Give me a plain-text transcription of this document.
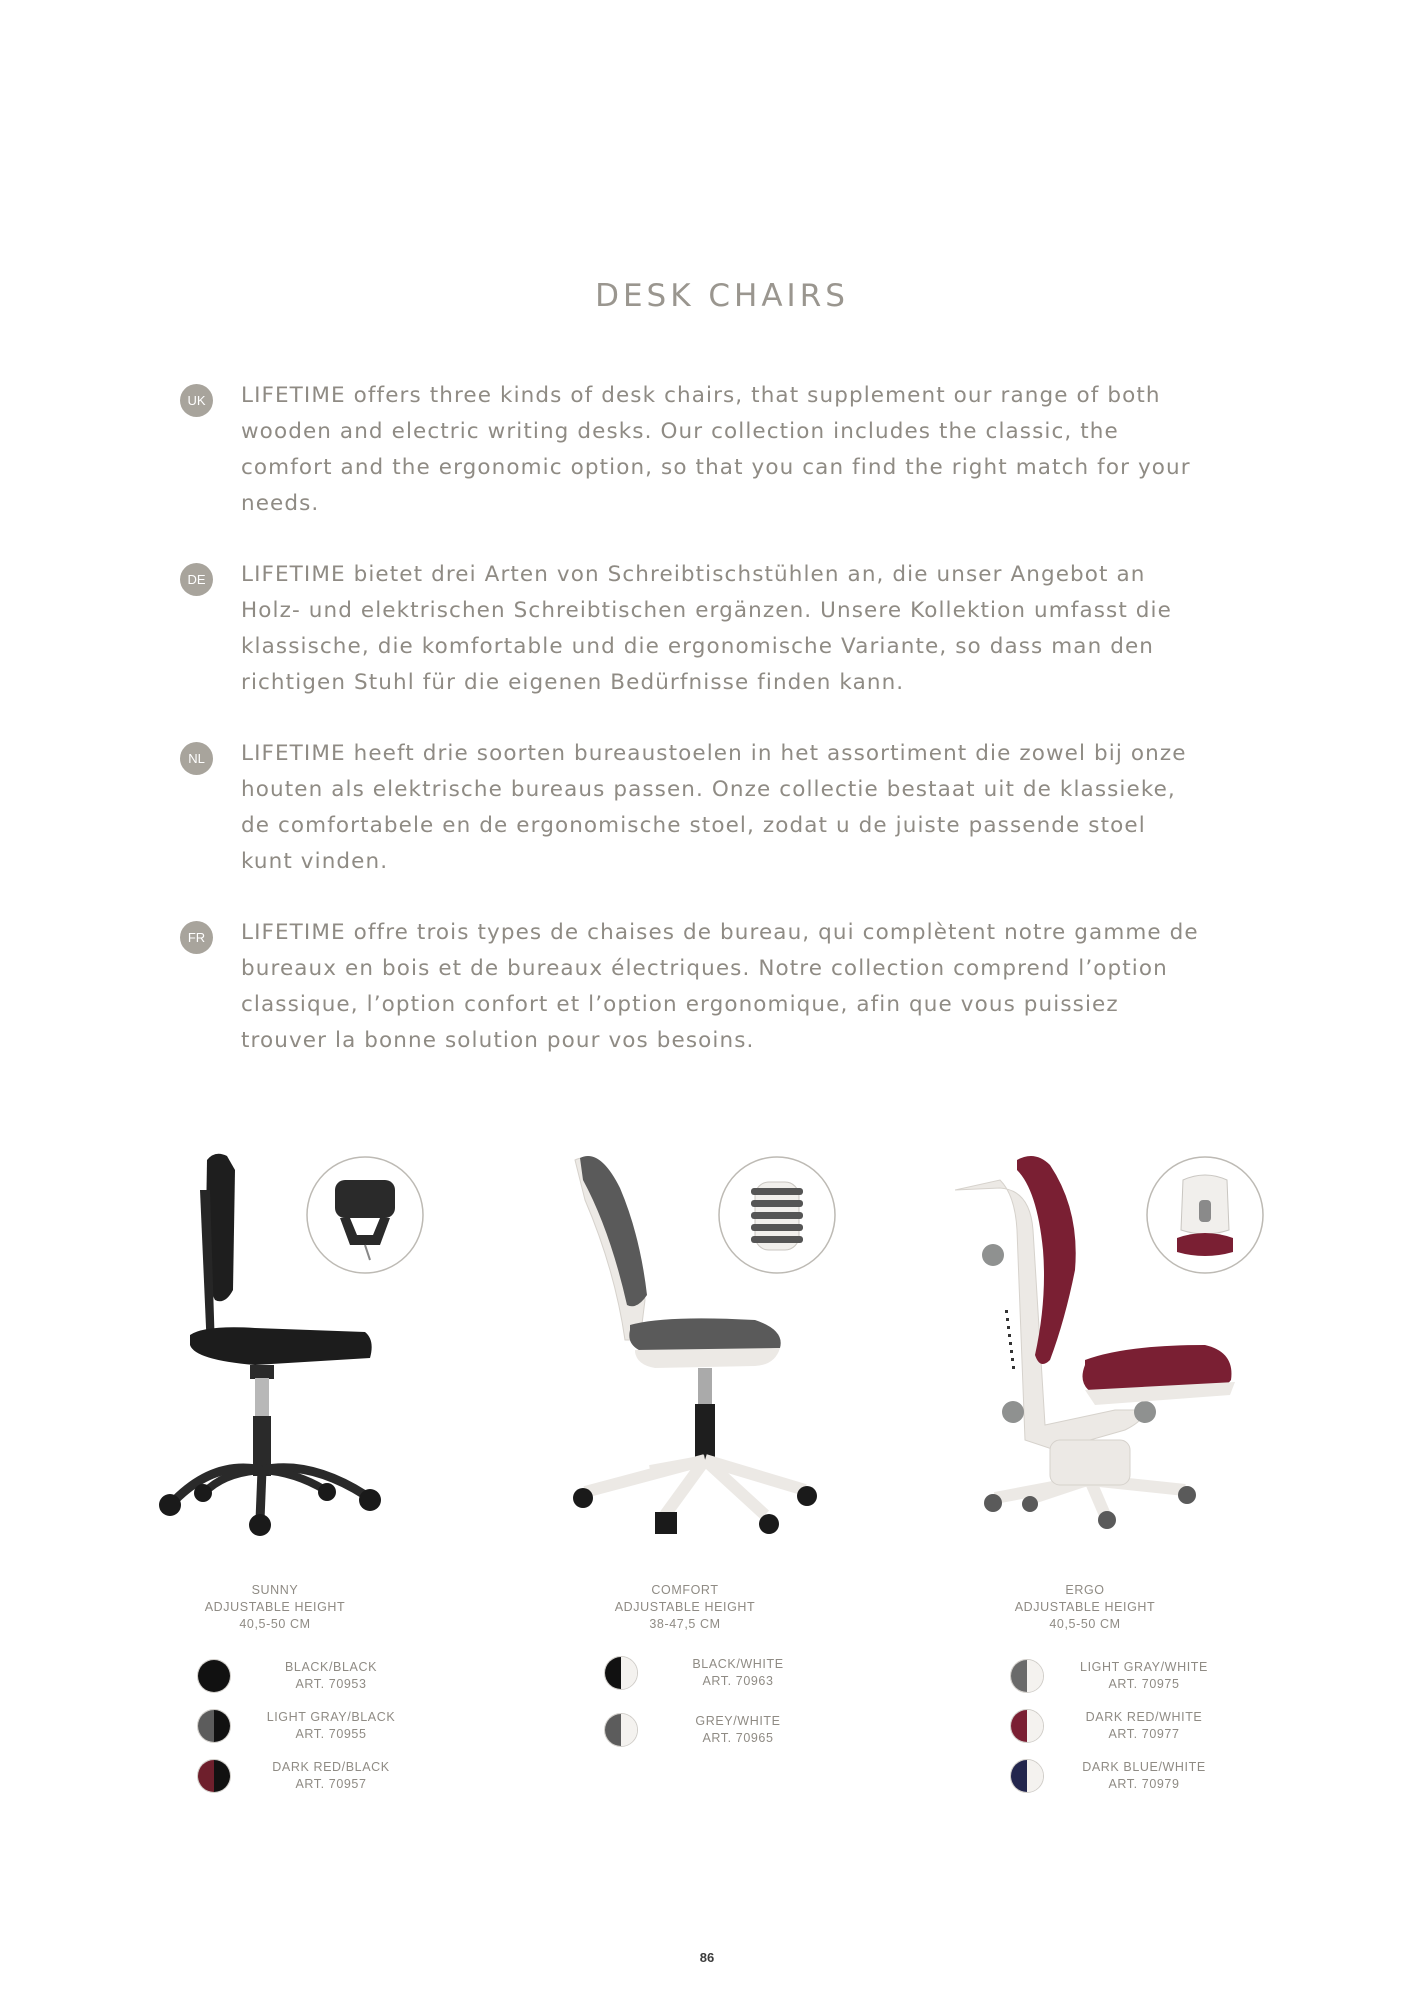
DESK CHAIRS
UK	LIFETIME offers three kinds of desk chairs, that supplement our range of both wooden and electric writing desks. Our collection includes the classic, the comfort and the ergonomic option, so that you can find the right match for your needs.
DE	LIFETIME bietet drei Arten von Schreibtischstühlen an, die unser Angebot an Holz- und elektrischen Schreibtischen ergänzen. Unsere Kollektion umfasst die klassische, die komfortable und die ergonomische Variante, so dass man den richtigen Stuhl für die eigenen Bedürfnisse finden kann.
NL	LIFETIME heeft drie soorten bureaustoelen in het assortiment die zowel bij onze houten als elektrische bureaus passen. Onze collectie bestaat uit de klassieke, de comfortabele en de ergonomische stoel, zodat u de juiste passende stoel kunt vinden.
FR	LIFETIME offre trois types de chaises de bureau, qui complètent notre gamme de bureaux en bois et de bureaux électriques. Notre collection comprend l’option classique, l’option confort et l’option ergonomique, afin que vous puissiez trouver la bonne solution pour vos besoins.
SUNNY
ADJUSTABLE HEIGHT
40,5-50 CM
BLACK/BLACK
ART. 70953
LIGHT GRAY/BLACK
ART. 70955
DARK RED/BLACK
ART. 70957
COMFORT
ADJUSTABLE HEIGHT
38-47,5 CM
BLACK/WHITE
ART. 70963
GREY/WHITE
ART. 70965
ERGO
ADJUSTABLE HEIGHT
40,5-50 CM
LIGHT GRAY/WHITE
ART. 70975
DARK RED/WHITE
ART. 70977
DARK BLUE/WHITE
ART. 70979
86
